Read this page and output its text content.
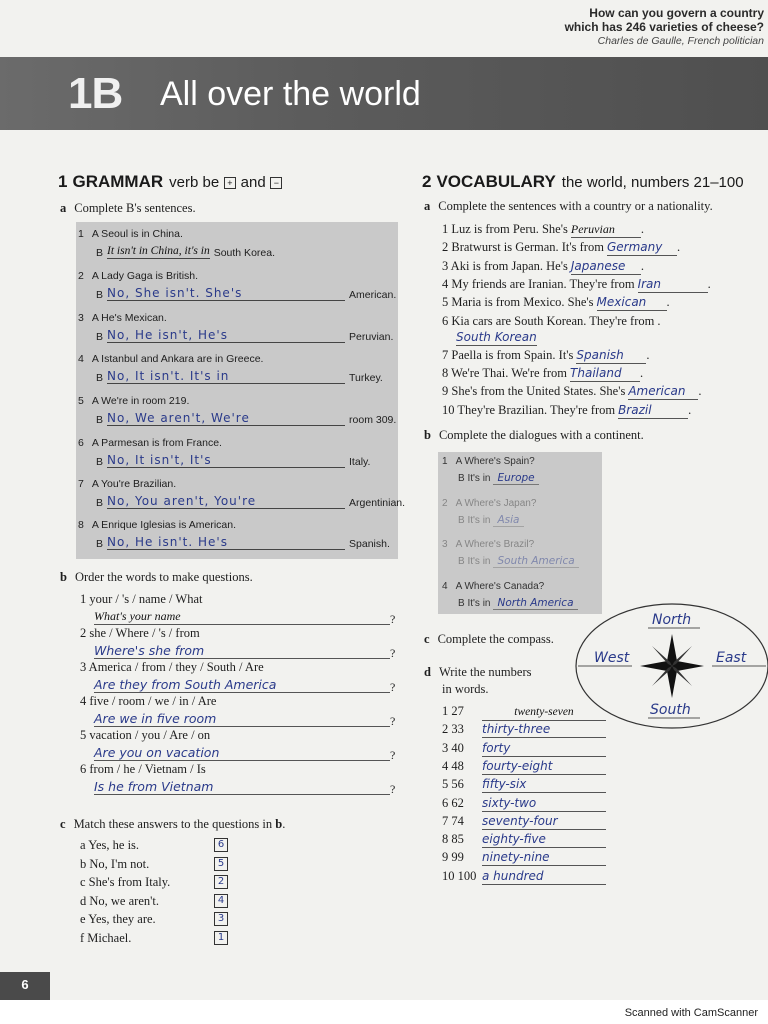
How can you govern a country
which has 246 varieties of cheese?
Charles de Gaulle, French politician
1B All over the world
1 GRAMMAR verb be + and −
a Complete B's sentences.
1 A Seoul is in China.
B It isn't in China, it's in South Korea.
2 A Lady Gaga is British.
B No, She isn't. She's	American.
3 A He's Mexican.
B No, He isn't, He's	Peruvian.
4 A Istanbul and Ankara are in Greece.
B No, It isn't. It's in	Turkey.
5 A We're in room 219.
B No, We aren't, We're	room 309.
6 A Parmesan is from France.
B No, It isn't, It's	Italy.
7 A You're Brazilian.
B No, You aren't, You're	Argentinian.
8 A Enrique Iglesias is American.
B No, He isn't. He's	Spanish.
b Order the words to make questions.
1 your / 's / name / What
What's your name	?
2 she / Where / 's / from
Where's she from	?
3 America / from / they / South / Are
Are they from South America	?
4 five / room / we / in / Are
Are we in five room	?
5 vacation / you / Are / on
Are you on vacation	?
6 from / he / Vietnam / Is
Is he from Vietnam	?
c Match these answers to the questions in b.
a Yes, he is.	6
b No, I'm not.	5
c She's from Italy.	2
d No, we aren't.	4
e Yes, they are.	3
f Michael.	1
2 VOCABULARY the world, numbers 21–100
a Complete the sentences with a country or a nationality.
1 Luz is from Peru. She's Peruvian .
2 Bratwurst is German. It's from Germany .
3 Aki is from Japan. He's Japanese .
4 My friends are Iranian. They're from Iran	.
5 Maria is from Mexico. She's Mexican .
6 Kia cars are South Korean. They're from
South Korean
.
7 Paella is from Spain. It's Spanish .
8 We're Thai. We're from Thailand .
9 She's from the United States. She's American .
10 They're Brazilian. They're from Brazil	.
b Complete the dialogues with a continent.
1 A Where's Spain?
B It's in Europe
2 A Where's Japan?
B It's in Asia
3 A Where's Brazil?
B It's in South America
4 A Where's Canada?
B It's in North America
c Complete the compass.
North
West	East
South
d Write the numbers
in words.
1 27	twenty-seven
2 33 thirty-three
3 40 forty
4 48 fourty-eight
5 56 fifty-six
6 62 sixty-two
7 74 seventy-four
8 85 eighty-five
9 99 ninety-nine
10 100 a hundred
6
Scanned with CamScanner
